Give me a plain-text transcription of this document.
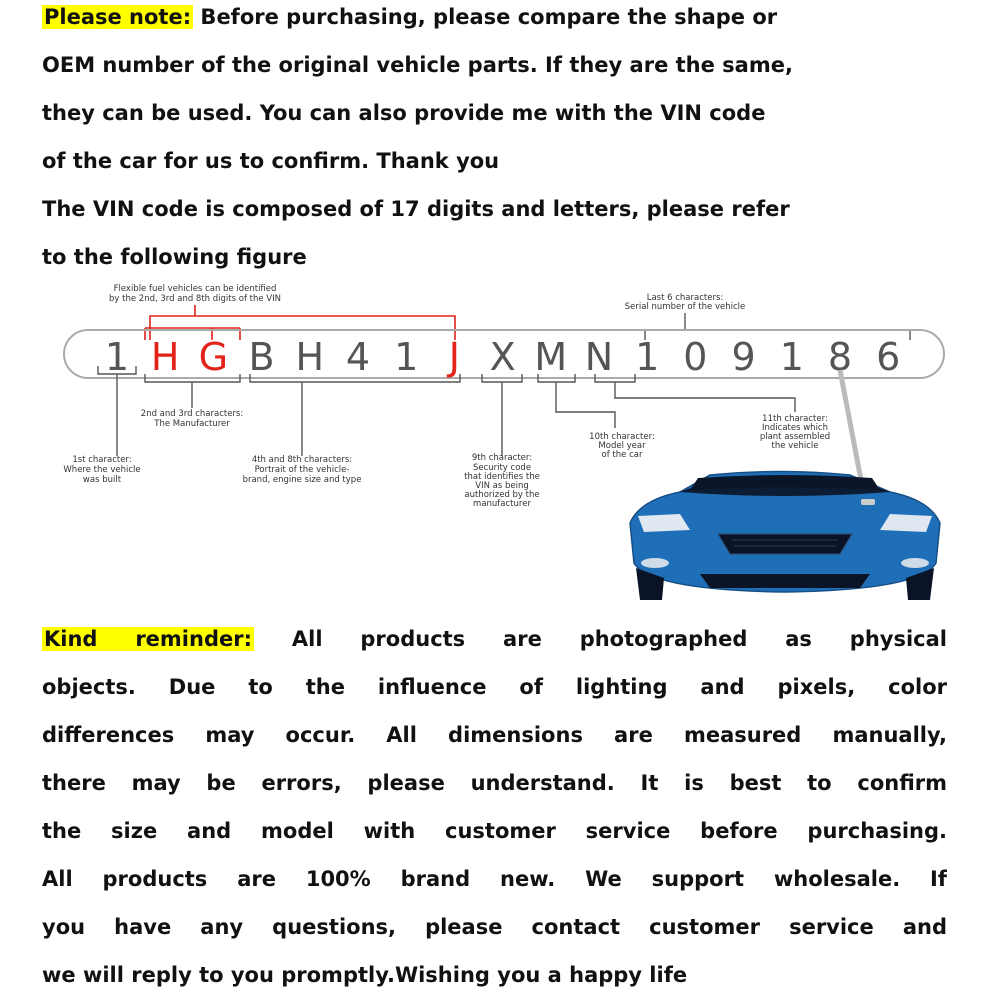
Please note: Before purchasing, please compare the shape or
OEM number of the original vehicle parts. If they are the same,
they can be used. You can also provide me with the VIN code
of the car for us to confirm. Thank you
The VIN code is composed of 17 digits and letters, please refer
to the following figure
Flexible fuel vehicles can be identified
by the 2nd, 3rd and 8th digits of the VIN	Last 6 characters:
Serial number of the vehicle
1 H G B H 4 1 J X M N 1 0 9 1 8 6
2nd and 3rd characters:
The Manufacturer
1st character:
Where the vehicle
was built
4th and 8th characters:
Portrait of the vehicle-
brand, engine size and type
9th character:
Security code
that identifies the
VIN as being
authorized by the
manufacturer
10th character:
Model year
of the car
11th character:
Indicates which
plant assembled
the vehicle
Kind reminder: All products are photographed as physical
objects. Due to the influence of lighting and pixels, color
differences may occur. All dimensions are measured manually,
there may be errors, please understand. It is best to confirm
the size and model with customer service before purchasing.
All products are 100% brand new. We support wholesale. If
you have any questions, please contact customer service and
we will reply to you promptly.Wishing you a happy life
